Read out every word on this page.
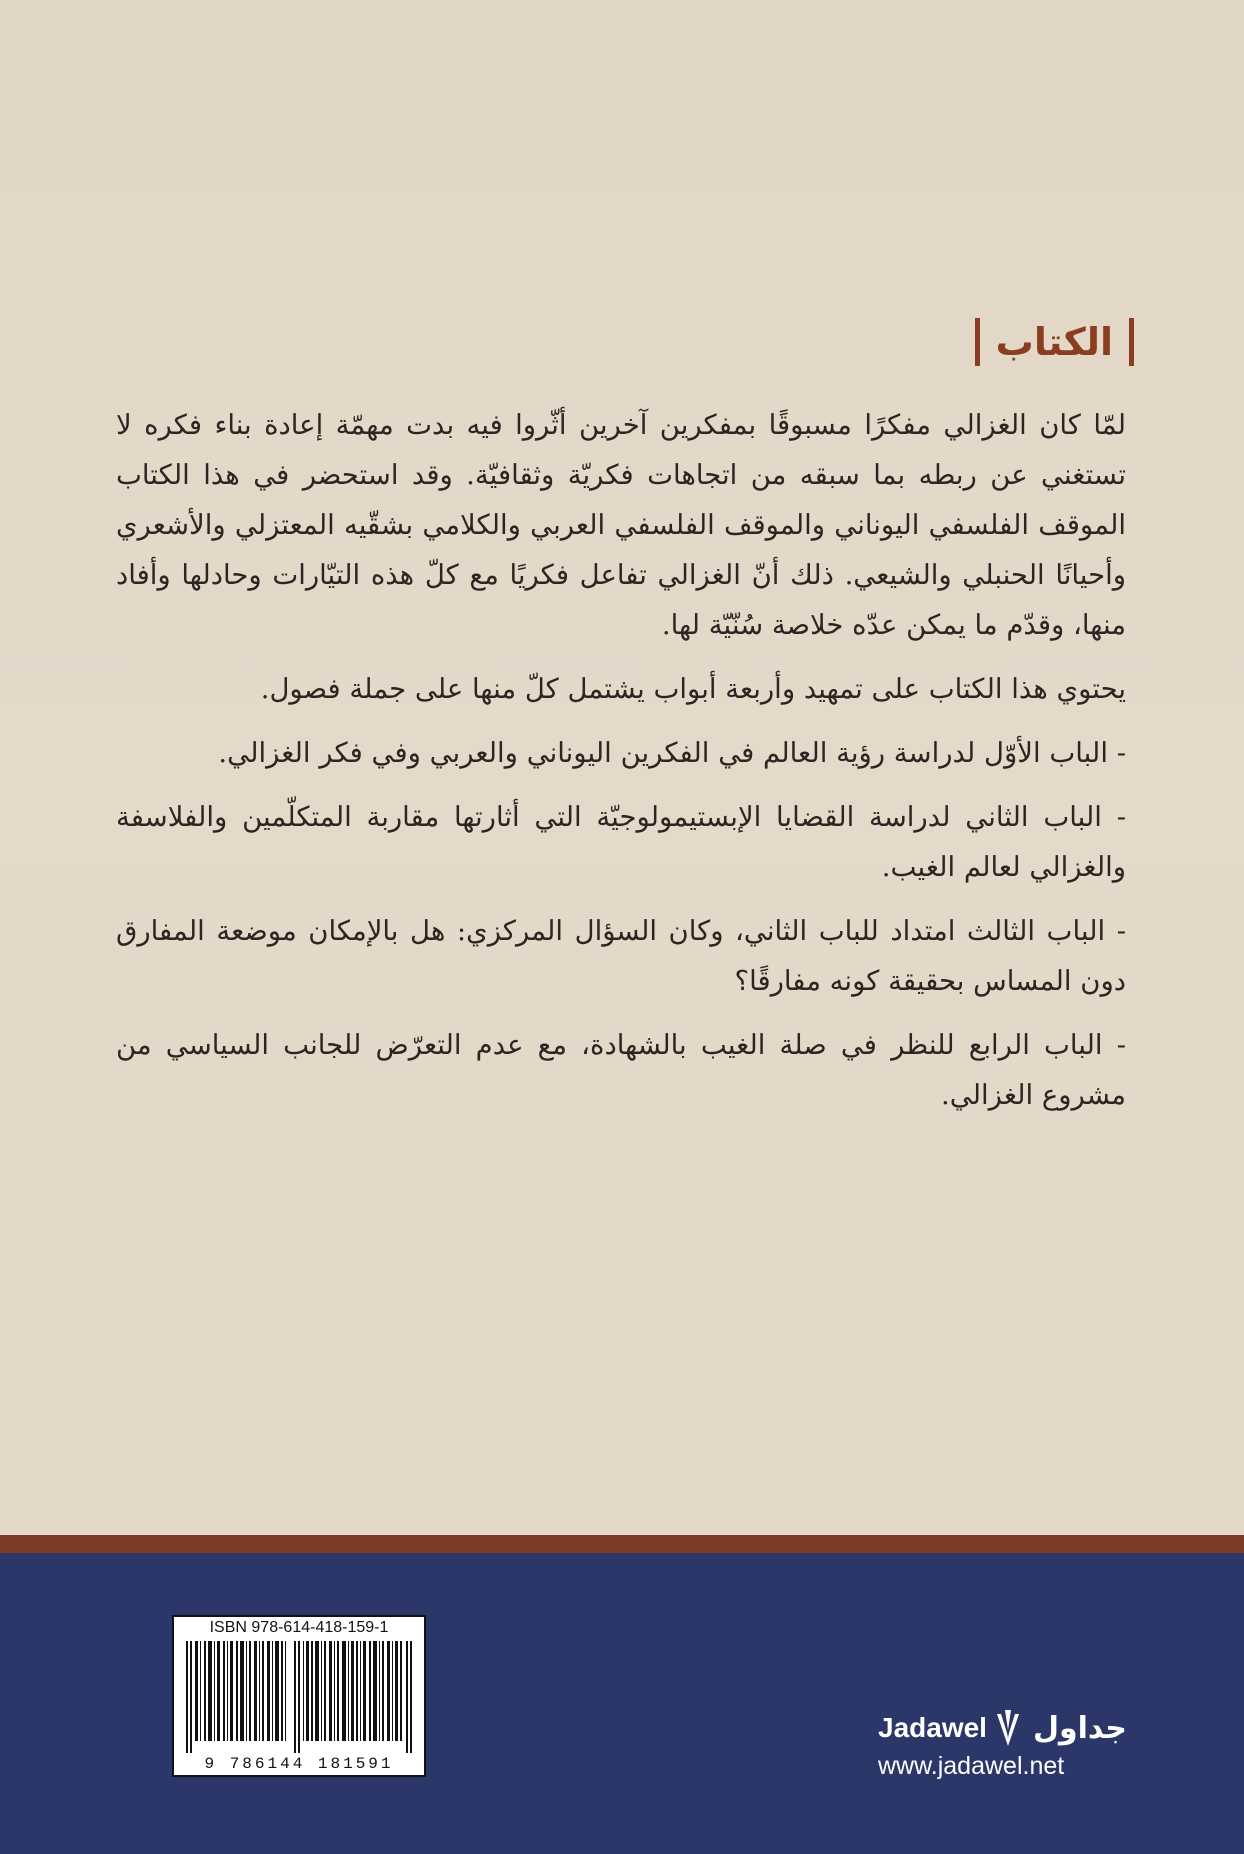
الكتاب

لمّا كان الغزالي مفكرًا مسبوقًا بمفكرين آخرين أثّروا فيه بدت مهمّة إعادة بناء فكره لا تستغني عن ربطه بما سبقه من اتجاهات فكريّة وثقافيّة. وقد استحضر في هذا الكتاب الموقف الفلسفي اليوناني والموقف الفلسفي العربي والكلامي بشقّيه المعتزلي والأشعري وأحيانًا الحنبلي والشيعي. ذلك أنّ الغزالي تفاعل فكريًا مع كلّ هذه التيّارات وحادلها وأفاد منها، وقدّم ما يمكن عدّه خلاصة سُنّيّة لها.

يحتوي هذا الكتاب على تمهيد وأربعة أبواب يشتمل كلّ منها على جملة فصول.

- الباب الأوّل لدراسة رؤية العالم في الفكرين اليوناني والعربي وفي فكر الغزالي.

- الباب الثاني لدراسة القضايا الإبستيمولوجيّة التي أثارتها مقاربة المتكلّمين والفلاسفة والغزالي لعالم الغيب.

- الباب الثالث امتداد للباب الثاني، وكان السؤال المركزي: هل بالإمكان موضعة المفارق دون المساس بحقيقة كونه مفارقًا؟

- الباب الرابع للنظر في صلة الغيب بالشهادة، مع عدم التعرّض للجانب السياسي من مشروع الغزالي.

ISBN 978-614-418-159-1
9 786144 181591
Jadawel جداول
www.jadawel.net
